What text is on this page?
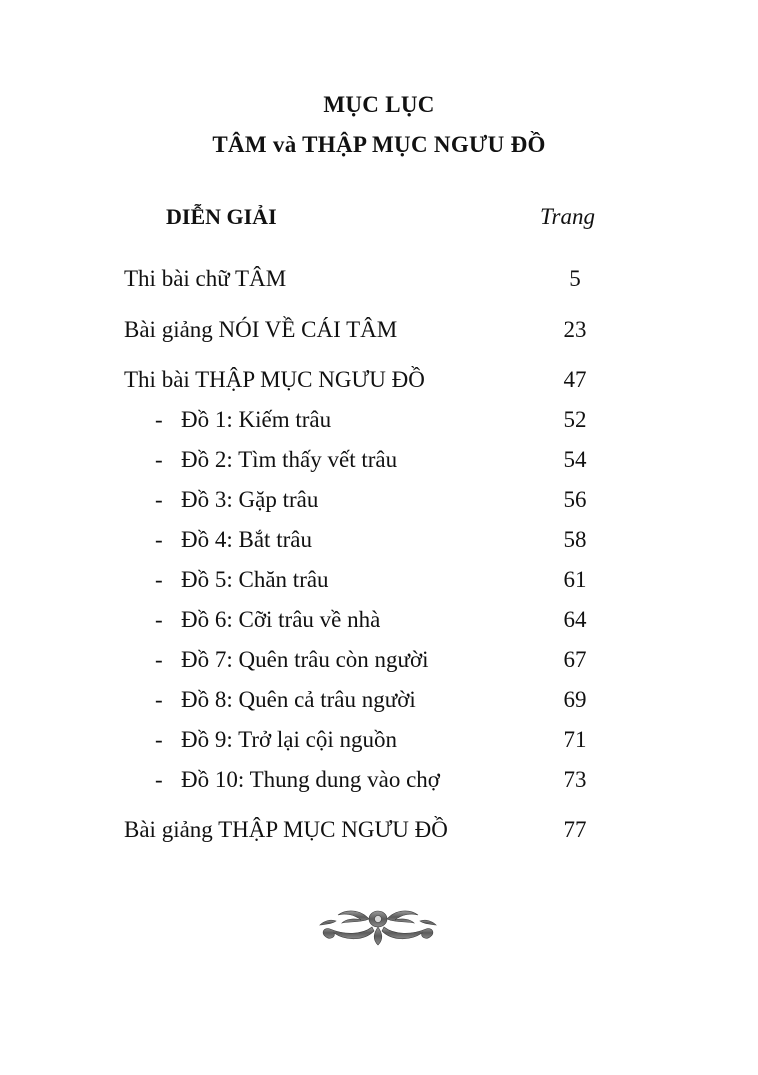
MỤC LỤC
TÂM và THẬP MỤC NGƯU ĐỒ
DIỄN GIẢI	Trang
Thi bài chữ TÂM	5
Bài giảng NÓI VỀ CÁI TÂM	23
Thi bài THẬP MỤC NGƯU ĐỒ	47
- Đồ 1: Kiếm trâu	52
- Đồ 2: Tìm thấy vết trâu	54
- Đồ 3: Gặp trâu	56
- Đồ 4: Bắt trâu	58
- Đồ 5: Chăn trâu	61
- Đồ 6: Cỡi trâu về nhà	64
- Đồ 7: Quên trâu còn người	67
- Đồ 8: Quên cả trâu người	69
- Đồ 9: Trở lại cội nguồn	71
- Đồ 10: Thung dung vào chợ	73
Bài giảng THẬP MỤC NGƯU ĐỒ	77
